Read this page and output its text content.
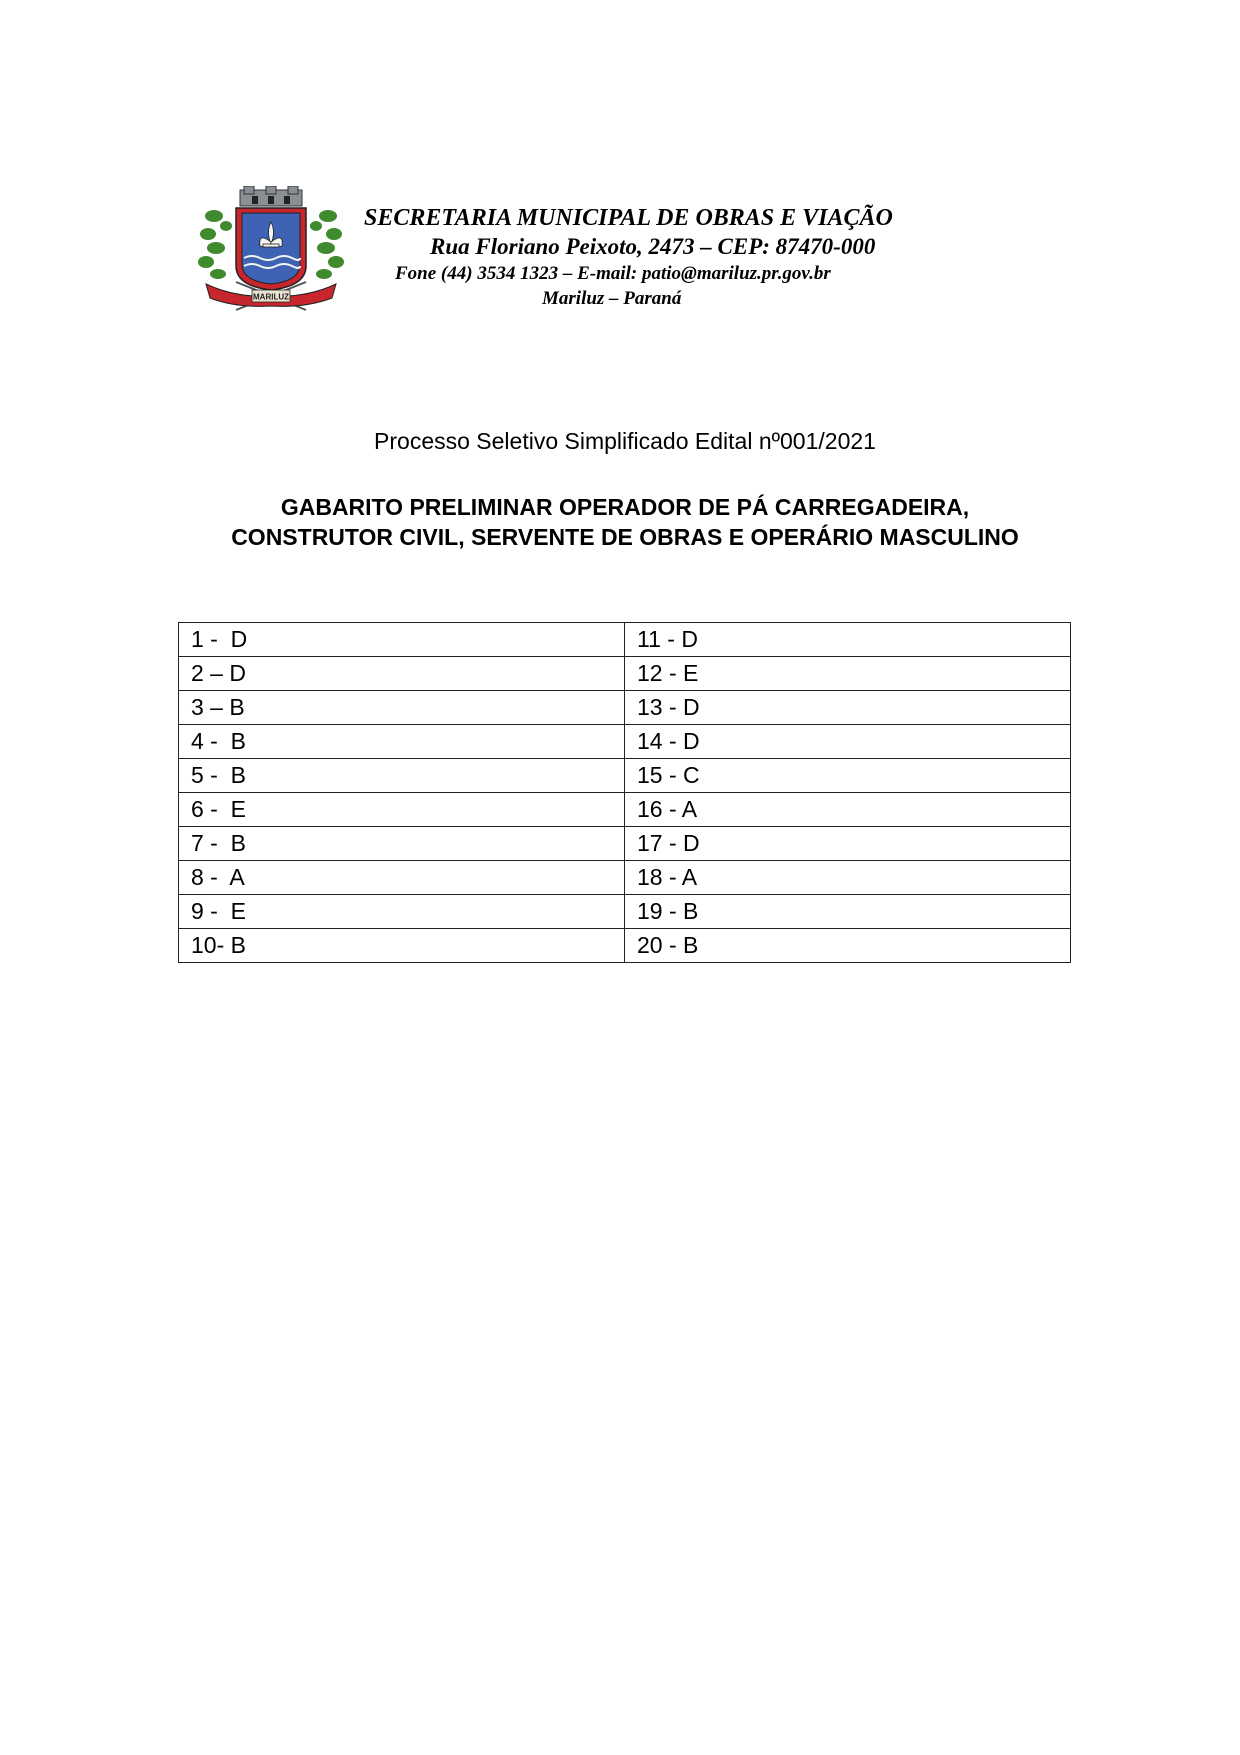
MARILUZ
SECRETARIA MUNICIPAL DE OBRAS E VIAÇÃO
Rua Floriano Peixoto, 2473 – CEP: 87470-000
Fone (44) 3534 1323 – E-mail: patio@mariluz.pr.gov.br
Mariluz – Paraná
Processo Seletivo Simplificado Edital nº001/2021
GABARITO PRELIMINAR OPERADOR DE PÁ CARREGADEIRA,
CONSTRUTOR CIVIL, SERVENTE DE OBRAS E OPERÁRIO MASCULINO
1 -  D	11 - D
2 – D	12 - E
3 – B	13 - D
4 -  B	14 - D
5 -  B	15 - C
6 -  E	16 - A
7 -  B	17 - D
8 -  A	18 - A
9 -  E	19 - B
10- B	20 - B
